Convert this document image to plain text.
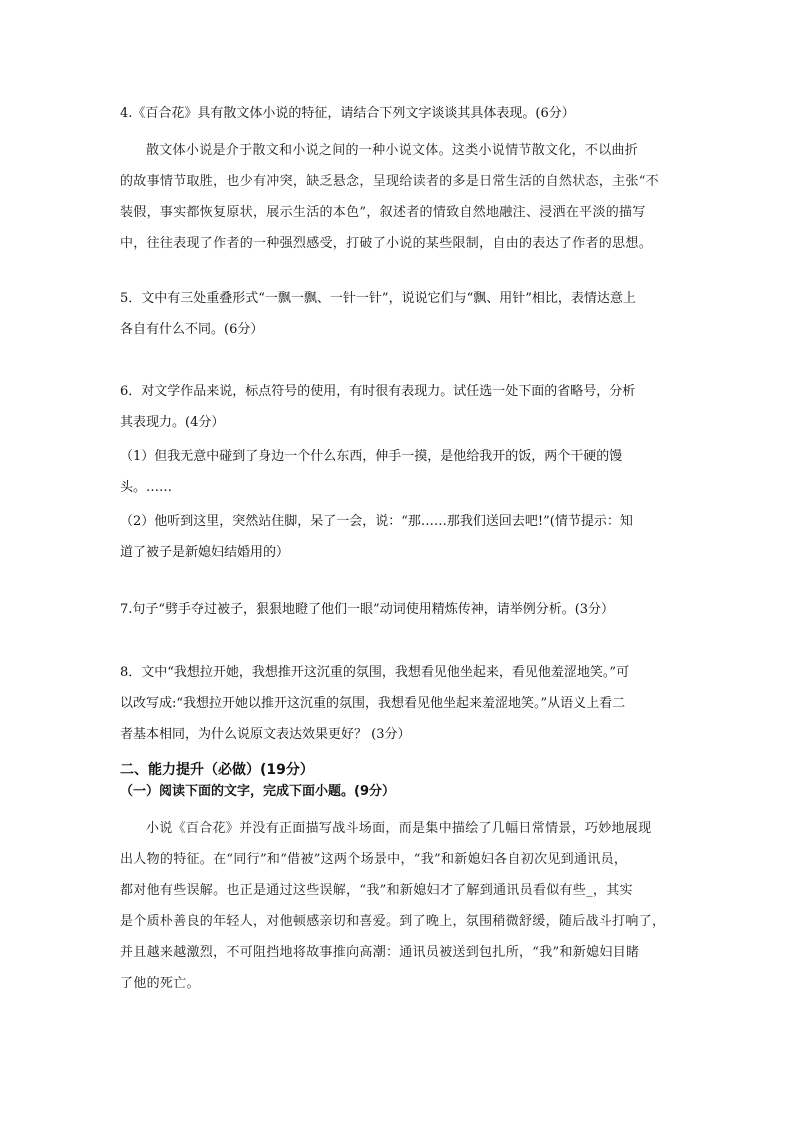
4.《百合花》具有散文体小说的特征，请结合下列文字谈谈其具体表现。(6分）
散文体小说是介于散文和小说之间的一种小说文体。这类小说情节散文化，不以曲折
的故事情节取胜，也少有冲突，缺乏悬念，呈现给读者的多是日常生活的自然状态，主张“不
装假，事实都恢复原状，展示生活的本色”，叙述者的情致自然地融注、浸洒在平淡的描写
中，往往表现了作者的一种强烈感受，打破了小说的某些限制，自由的表达了作者的思想。
5．文中有三处重叠形式“一飘一飘、一针一针”，说说它们与“飘、用针”相比，表情达意上
各自有什么不同。(6分）
6．对文学作品来说，标点符号的使用，有时很有表现力。试任选一处下面的省略号，分析
其表现力。(4分）
（1）但我无意中碰到了身边一个什么东西，伸手一摸，是他给我开的饭，两个干硬的馒
头。……
（2）他听到这里，突然站住脚，呆了一会，说：“那……那我们送回去吧!”(情节提示：知
道了被子是新媳妇结婚用的）
7.句子“劈手夺过被子，狠狠地瞪了他们一眼”动词使用精炼传神，请举例分析。(3分）
8．文中“我想拉开她，我想推开这沉重的氛围，我想看见他坐起来，看见他羞涩地笑。”可
以改写成:“我想拉开她以推开这沉重的氛围，我想看见他坐起来羞涩地笑。”从语义上看二
者基本相同，为什么说原文表达效果更好？ (3分）
二、能力提升（必做）(19分）
（一）阅读下面的文字，完成下面小题。(9分）
小说《百合花》并没有正面描写战斗场面，而是集中描绘了几幅日常情景，巧妙地展现
出人物的特征。在“同行”和“借被”这两个场景中，“我”和新媳妇各自初次见到通讯员，
都对他有些误解。也正是通过这些误解，“我”和新媳妇才了解到通讯员看似有些_，其实
是个质朴善良的年轻人，对他顿感亲切和喜爱。到了晚上，氛围稍微舒缓，随后战斗打响了，
并且越来越激烈，不可阻挡地将故事推向高潮：通讯员被送到包扎所，“我”和新媳妇目睹
了他的死亡。
